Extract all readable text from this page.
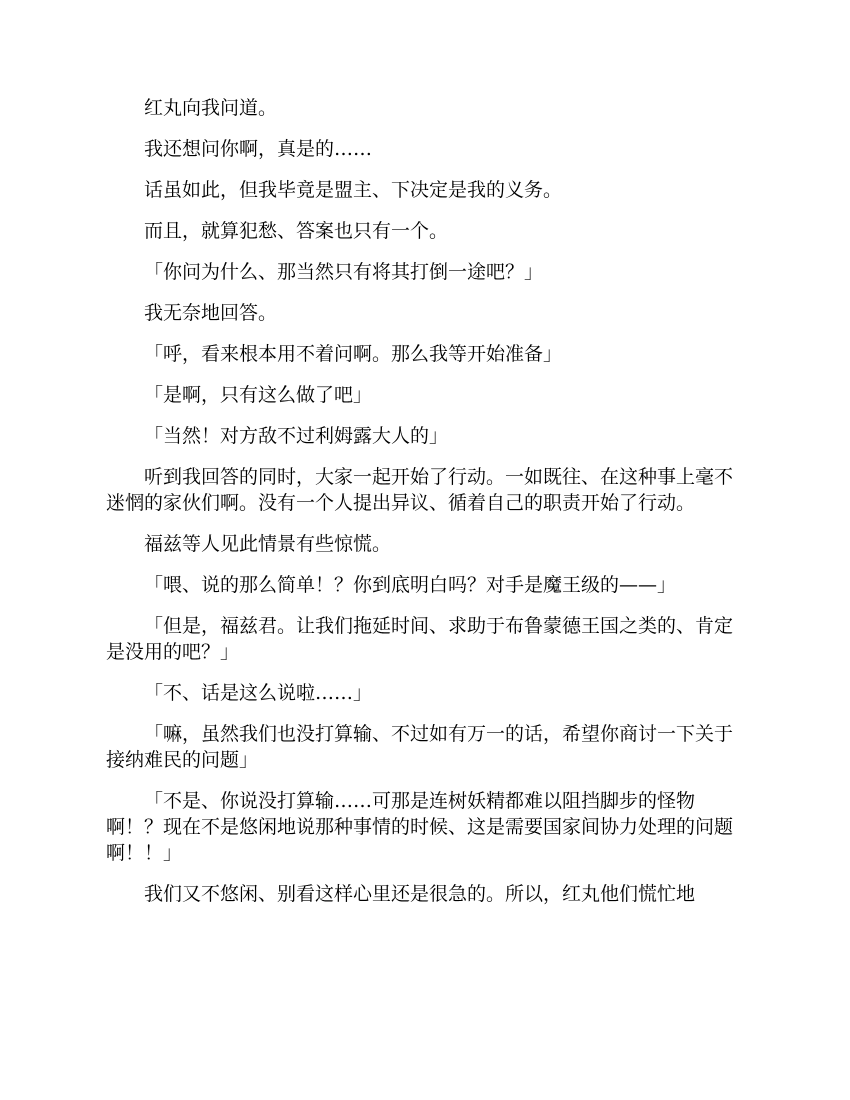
红丸向我问道。

我还想问你啊，真是的……

话虽如此，但我毕竟是盟主、下决定是我的义务。

而且，就算犯愁、答案也只有一个。

「你问为什么、那当然只有将其打倒一途吧？」

我无奈地回答。

「呼，看来根本用不着问啊。那么我等开始准备」

「是啊，只有这么做了吧」

「当然！对方敌不过利姆露大人的」

听到我回答的同时，大家一起开始了行动。一如既往、在这种事上毫不迷惘的家伙们啊。没有一个人提出异议、循着自己的职责开始了行动。

福兹等人见此情景有些惊慌。

「喂、说的那么简单！？你到底明白吗？对手是魔王级的——」

「但是，福兹君。让我们拖延时间、求助于布鲁蒙德王国之类的、肯定是没用的吧？」

「不、话是这么说啦……」

「嘛，虽然我们也没打算输、不过如有万一的话，希望你商讨一下关于接纳难民的问题」

「不是、你说没打算输……可那是连树妖精都难以阻挡脚步的怪物啊！？现在不是悠闲地说那种事情的时候、这是需要国家间协力处理的问题啊！！」

我们又不悠闲、别看这样心里还是很急的。所以，红丸他们慌忙地
